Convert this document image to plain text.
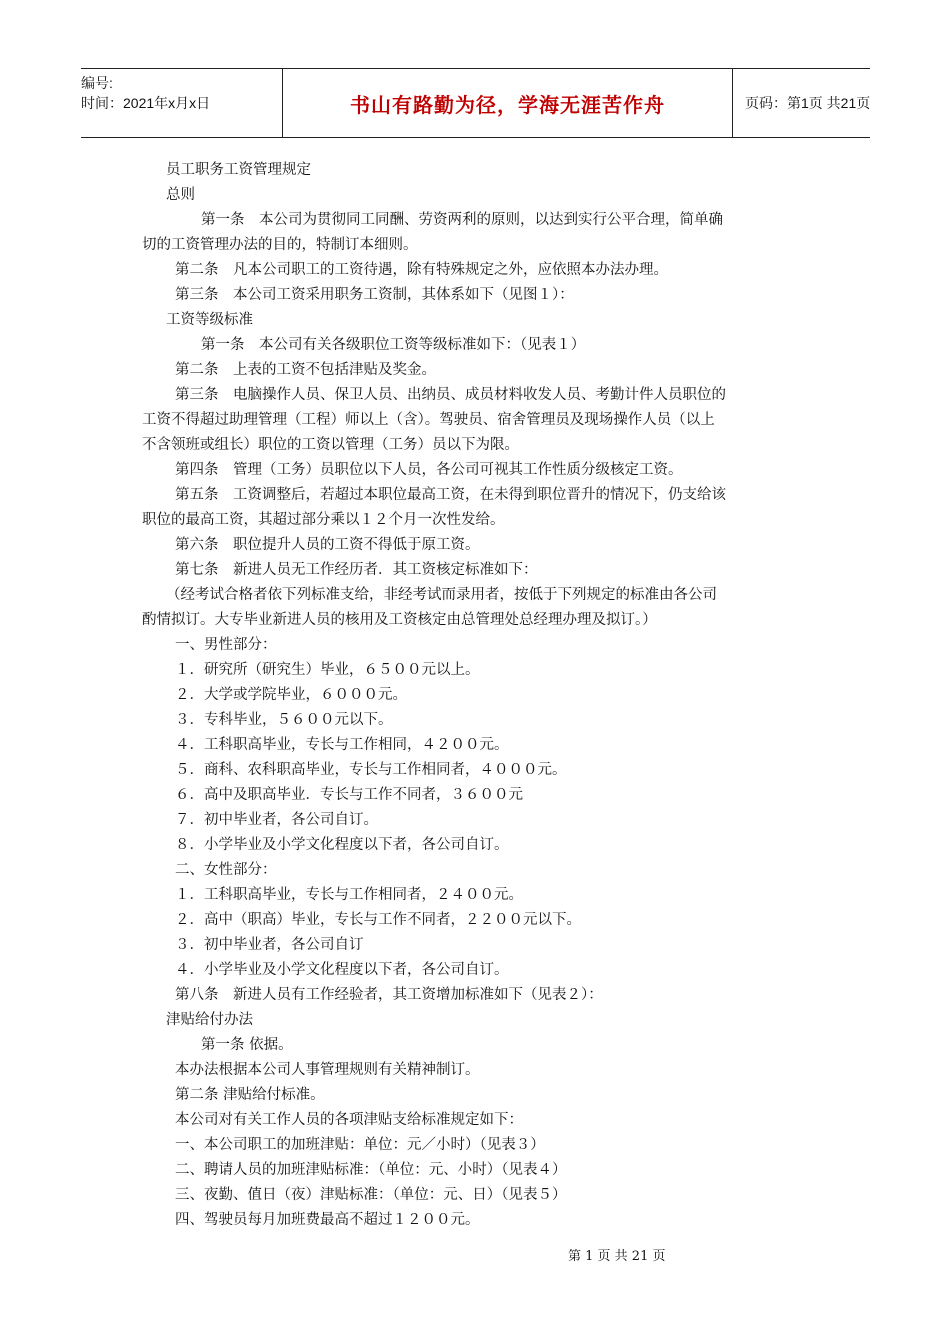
编号:
时间：2021年x月x日	书山有路勤为径，学海无涯苦作舟	页码：第1页 共21页
员工职务工资管理规定
总则
第一条　本公司为贯彻同工同酬、劳资两利的原则，以达到实行公平合理，简单确
切的工资管理办法的目的，特制订本细则。
第二条　凡本公司职工的工资待遇，除有特殊规定之外，应依照本办法办理。
第三条　本公司工资采用职务工资制，其体系如下（见图１）：
工资等级标准
第一条　本公司有关各级职位工资等级标准如下：（见表１）
第二条　上表的工资不包括津贴及奖金。
第三条　电脑操作人员、保卫人员、出纳员、成员材料收发人员、考勤计件人员职位的
工资不得超过助理管理（工程）师以上（含）。驾驶员、宿舍管理员及现场操作人员（以上
不含领班或组长）职位的工资以管理（工务）员以下为限。
第四条　管理（工务）员职位以下人员，各公司可视其工作性质分级核定工资。
第五条　工资调整后，若超过本职位最高工资，在未得到职位晋升的情况下，仍支给该
职位的最高工资，其超过部分乘以１２个月一次性发给。
第六条　职位提升人员的工资不得低于原工资。
第七条　新进人员无工作经历者．其工资核定标准如下：
（经考试合格者依下列标准支给，非经考试而录用者，按低于下列规定的标准由各公司
酌情拟订。大专毕业新进人员的核用及工资核定由总管理处总经理办理及拟订。）
一、男性部分：
１．研究所（研究生）毕业，６５００元以上。
２．大学或学院毕业，６０００元。
３．专科毕业，５６００元以下。
４．工科职高毕业，专长与工作相同，４２００元。
５．商科、农科职高毕业，专长与工作相同者，４０００元。
６．高中及职高毕业．专长与工作不同者，３６００元
７．初中毕业者，各公司自订。
８．小学毕业及小学文化程度以下者，各公司自订。
二、女性部分：
１．工科职高毕业，专长与工作相同者，２４００元。
２．高中（职高）毕业，专长与工作不同者，２２００元以下。
３．初中毕业者，各公司自订
４．小学毕业及小学文化程度以下者，各公司自订。
第八条　新进人员有工作经验者，其工资增加标准如下（见表２）：
津贴给付办法
第一条 依据。
本办法根据本公司人事管理规则有关精神制订。
第二条 津贴给付标准。
本公司对有关工作人员的各项津贴支给标准规定如下：
一、本公司职工的加班津贴：单位：元／小时）（见表３）
二、聘请人员的加班津贴标准：（单位：元、小时）（见表４）
三、夜勤、值日（夜）津贴标准：（单位：元、日）（见表５）
四、驾驶员每月加班费最高不超过１２００元。
第 1 页 共 21 页
